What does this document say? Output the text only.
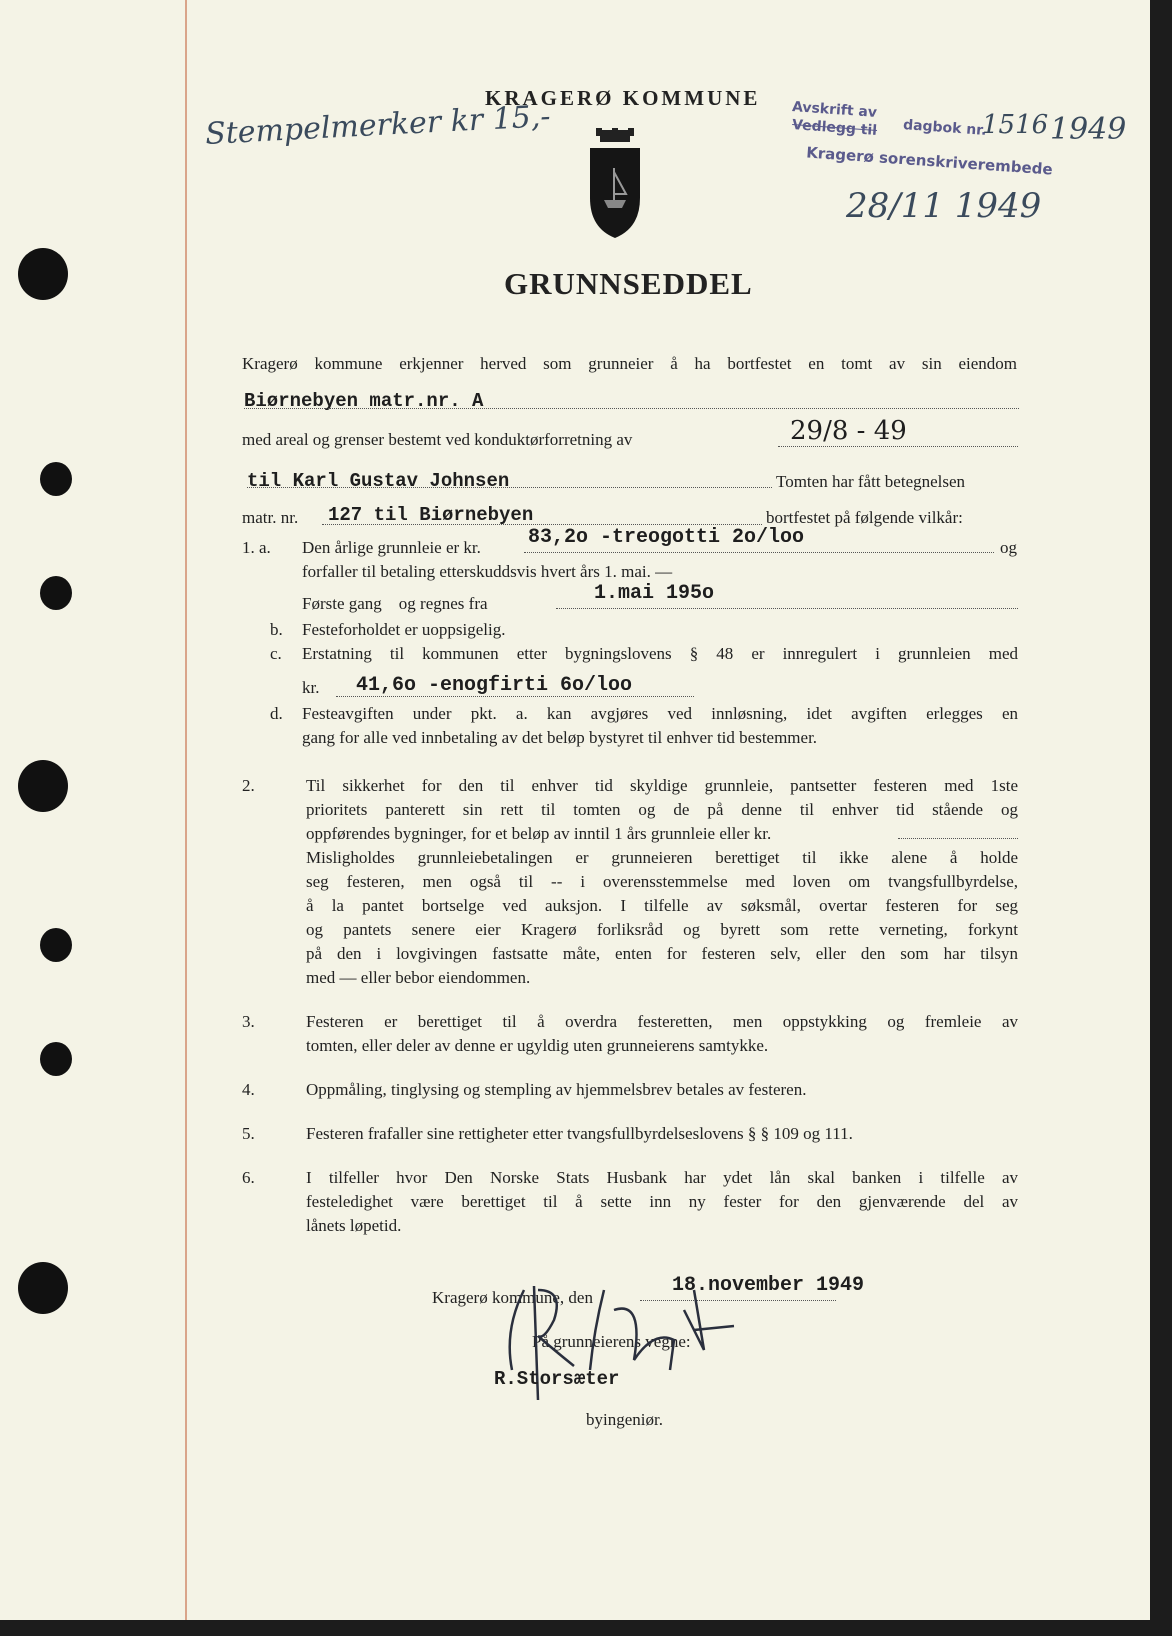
KRAGERØ KOMMUNE
Stempelmerker kr 15,-	Avskrift av
Vedlegg til dagbok nr.
1516 1949
Kragerø sorenskriverembede
28/11 1949
GRUNNSEDDEL
Kragerø kommune erkjenner herved som grunneier å ha bortfestet en tomt av sin eiendom
Biørnebyen matr.nr. A
med areal og grenser bestemt ved konduktørforretning av	29/8 - 49
til Karl Gustav Johnsen	Tomten har fått betegnelsen
matr. nr. 127 til Biørnebyen	bortfestet på følgende vilkår:
1. a. Den årlige grunnleie er kr. 83,2o -treogotti 2o/loo	og
forfaller til betaling etterskuddsvis hvert års 1. mai. —
Første gang    og regnes fra	1.mai 195o
b. Festeforholdet er uoppsigelig.
c. Erstatning til kommunen etter bygningslovens § 48 er innregulert i grunnleien med
kr. 41,6o -enogfirti 6o/loo
d. Festeavgiften under pkt. a. kan avgjøres ved innløsning, idet avgiften erlegges en
gang for alle ved innbetaling av det beløp bystyret til enhver tid bestemmer.
2.	Til sikkerhet for den til enhver tid skyldige grunnleie, pantsetter festeren med 1ste
prioritets panterett sin rett til tomten og de på denne til enhver tid stående og
oppførendes bygninger, for et beløp av inntil 1 års grunnleie eller kr.
Misligholdes grunnleiebetalingen er grunneieren berettiget til ikke alene å holde
seg festeren, men også til -- i overensstemmelse med loven om tvangsfullbyrdelse,
å la pantet bortselge ved auksjon. I tilfelle av søksmål, overtar festeren for seg
og pantets senere eier Kragerø forliksråd og byrett som rette verneting, forkynt
på den i lovgivingen fastsatte måte, enten for festeren selv, eller den som har tilsyn
med — eller bebor eiendommen.
3.	Festeren er berettiget til å overdra festeretten, men oppstykking og fremleie av
tomten, eller deler av denne er ugyldig uten grunneierens samtykke.
4.	Oppmåling, tinglysing og stempling av hjemmelsbrev betales av festeren.
5.	Festeren frafaller sine rettigheter etter tvangsfullbyrdelseslovens § § 109 og 111.
6.	I tilfeller hvor Den Norske Stats Husbank har ydet lån skal banken i tilfelle av
festeledighet være berettiget til å sette inn ny fester for den gjenværende del av
lånets løpetid.
Kragerø kommune, den
18.november 1949
På grunneierens vegne:
R.Storsæter
byingeniør.
